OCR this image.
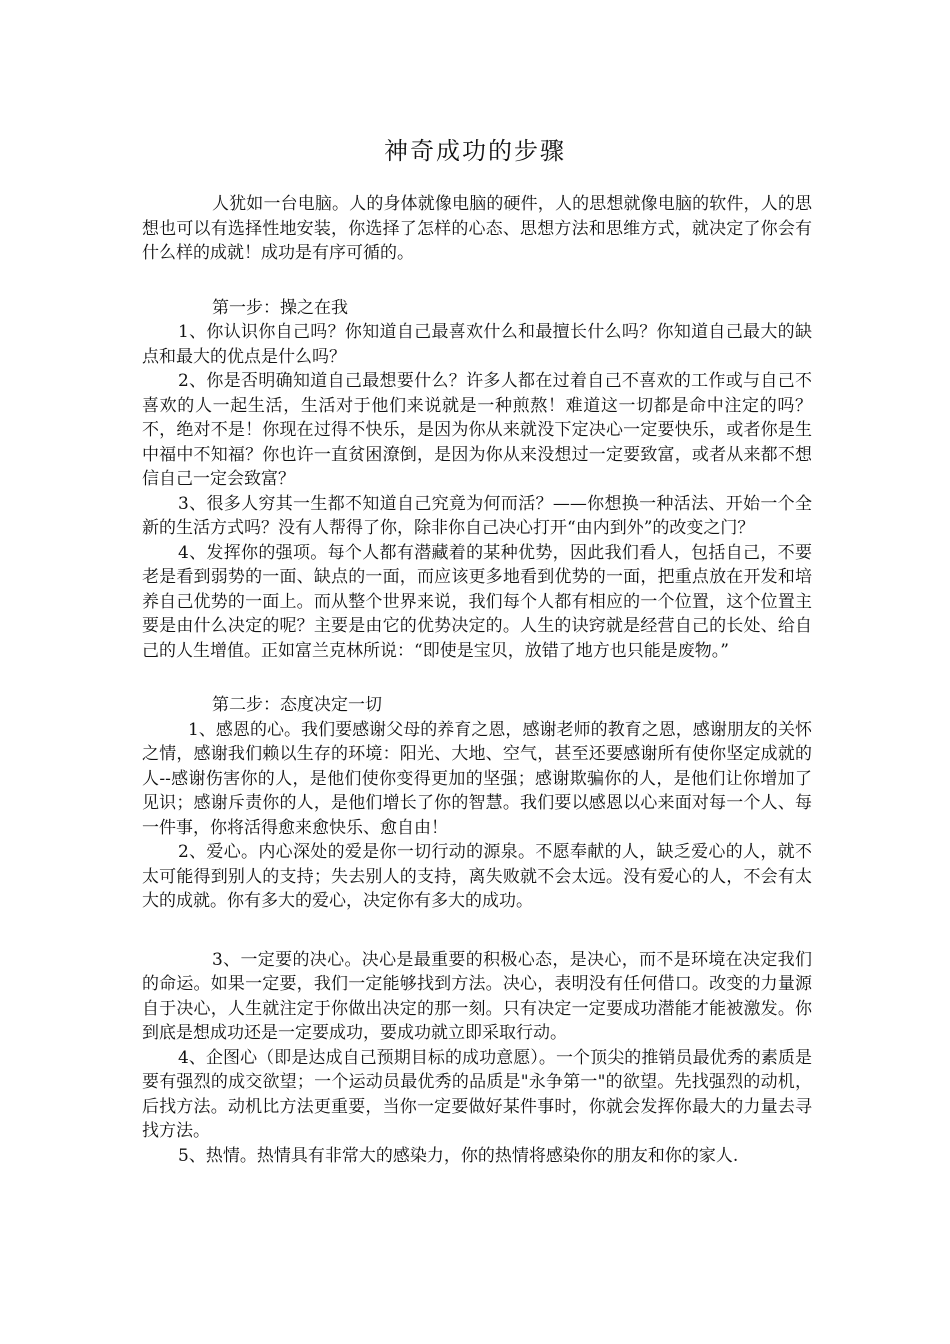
神奇成功的步骤

人犹如一台电脑。人的身体就像电脑的硬件，人的思想就像电脑的软件，人的思想也可以有选择性地安装，你选择了怎样的心态、思想方法和思维方式，就决定了你会有什么样的成就！成功是有序可循的。

第一步：操之在我

1、你认识你自己吗？你知道自己最喜欢什么和最擅长什么吗？你知道自己最大的缺点和最大的优点是什么吗？

2、你是否明确知道自己最想要什么？许多人都在过着自己不喜欢的工作或与自己不喜欢的人一起生活，生活对于他们来说就是一种煎熬！难道这一切都是命中注定的吗？不，绝对不是！你现在过得不快乐，是因为你从来就没下定决心一定要快乐，或者你是生中福中不知福？你也许一直贫困潦倒，是因为你从来没想过一定要致富，或者从来都不想信自己一定会致富？

3、很多人穷其一生都不知道自己究竟为何而活？——你想换一种活法、开始一个全新的生活方式吗？没有人帮得了你，除非你自己决心打开“由内到外”的改变之门？

4、发挥你的强项。每个人都有潜藏着的某种优势，因此我们看人，包括自己，不要老是看到弱势的一面、缺点的一面，而应该更多地看到优势的一面，把重点放在开发和培养自己优势的一面上。而从整个世界来说，我们每个人都有相应的一个位置，这个位置主要是由什么决定的呢？主要是由它的优势决定的。人生的诀窍就是经营自己的长处、给自己的人生增值。正如富兰克林所说：“即使是宝贝，放错了地方也只能是废物。”

第二步：态度决定一切

1、感恩的心。我们要感谢父母的养育之恩，感谢老师的教育之恩，感谢朋友的关怀之情，感谢我们赖以生存的环境：阳光、大地、空气，甚至还要感谢所有使你坚定成就的人--感谢伤害你的人，是他们使你变得更加的坚强；感谢欺骗你的人，是他们让你增加了见识；感谢斥责你的人，是他们增长了你的智慧。我们要以感恩以心来面对每一个人、每一件事，你将活得愈来愈快乐、愈自由！

2、爱心。内心深处的爱是你一切行动的源泉。不愿奉献的人，缺乏爱心的人，就不太可能得到别人的支持；失去别人的支持，离失败就不会太远。没有爱心的人，不会有太大的成就。你有多大的爱心，决定你有多大的成功。

3、一定要的决心。决心是最重要的积极心态，是决心，而不是环境在决定我们的命运。如果一定要，我们一定能够找到方法。决心，表明没有任何借口。改变的力量源自于决心，人生就注定于你做出决定的那一刻。只有决定一定要成功潜能才能被激发。你到底是想成功还是一定要成功，要成功就立即采取行动。

4、企图心（即是达成自己预期目标的成功意愿）。一个顶尖的推销员最优秀的素质是要有强烈的成交欲望；一个运动员最优秀的品质是"永争第一"的欲望。先找强烈的动机，后找方法。动机比方法更重要，当你一定要做好某件事时，你就会发挥你最大的力量去寻找方法。

5、热情。热情具有非常大的感染力，你的热情将感染你的朋友和你的家人.
